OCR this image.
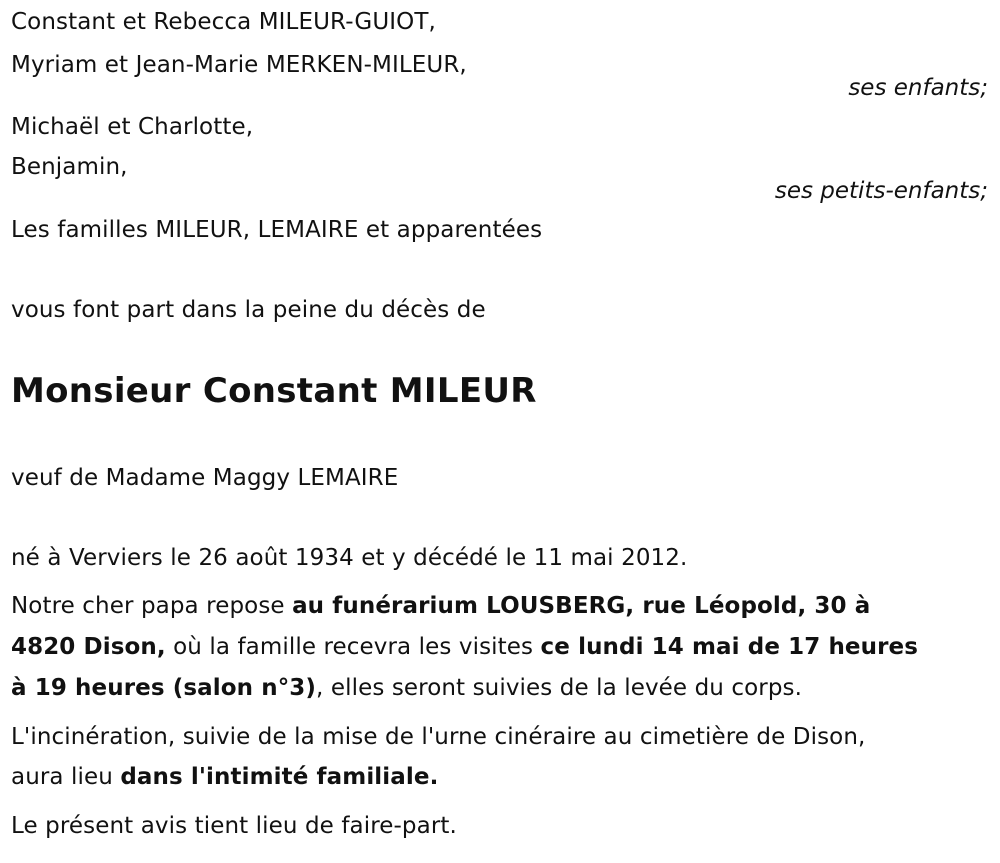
Constant et Rebecca MILEUR-GUIOT,
Myriam et Jean-Marie MERKEN-MILEUR,
ses enfants;
Michaël et Charlotte,
Benjamin,
ses petits-enfants;
Les familles MILEUR, LEMAIRE et apparentées
vous font part dans la peine du décès de
Monsieur Constant MILEUR
veuf de Madame Maggy LEMAIRE
né à Verviers le 26 août 1934 et y décédé le 11 mai 2012.
Notre cher papa repose au funérarium LOUSBERG, rue Léopold, 30 à
4820 Dison, où la famille recevra les visites ce lundi 14 mai de 17 heures
à 19 heures (salon n°3), elles seront suivies de la levée du corps.
L'incinération, suivie de la mise de l'urne cinéraire au cimetière de Dison,
aura lieu dans l'intimité familiale.
Le présent avis tient lieu de faire-part.
